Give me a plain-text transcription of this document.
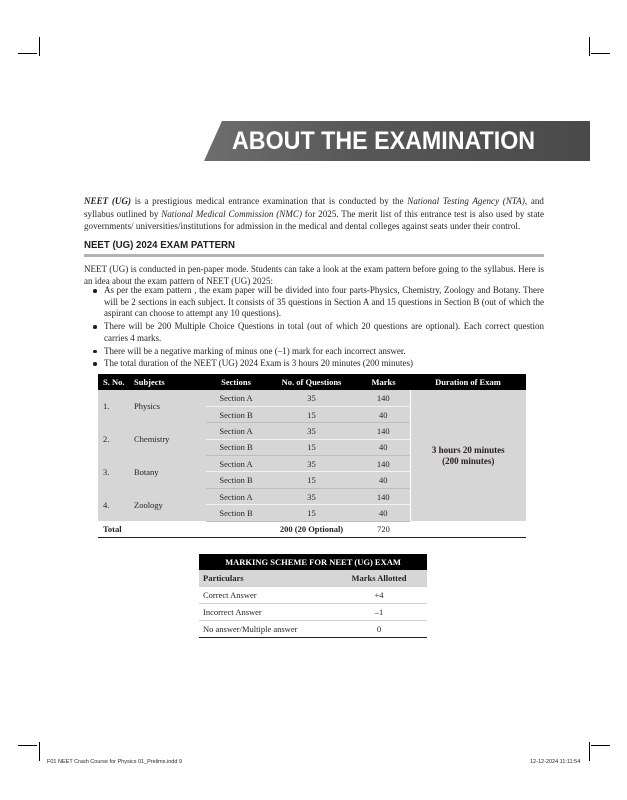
ABOUT THE EXAMINATION

NEET (UG) is a prestigious medical entrance examination that is conducted by the National Testing Agency (NTA), and syllabus outlined by National Medical Commission (NMC) for 2025. The merit list of this entrance test is also used by state governments/ universities/institutions for admission in the medical and dental colleges against seats under their control.

NEET (UG) 2024 EXAM PATTERN

NEET (UG) is conducted in pen-paper mode. Students can take a look at the exam pattern before going to the syllabus. Here is an idea about the exam pattern of NEET (UG) 2025:

As per the exam pattern , the exam paper will be divided into four parts-Physics, Chemistry, Zoology and Botany. There will be 2 sections in each subject. It consists of 35 questions in Section A and 15 questions in Section B (out of which the aspirant can choose to attempt any 10 questions).
There will be 200 Multiple Choice Questions in total (out of which 20 questions are optional). Each correct question carries 4 marks.
There will be a negative marking of minus one (–1) mark for each incorrect answer.
The total duration of the NEET (UG) 2024 Exam is 3 hours 20 minutes (200 minutes)
S. No.	Subjects	Sections	No. of Questions	Marks	Duration of Exam
1.	Physics	Section A	35	140	3 hours 20 minutes
(200 minutes)
		Section B	15	40	
2.	Chemistry	Section A	35	140	
		Section B	15	40	
3.	Botany	Section A	35	140	
		Section B	15	40	
4.	Zoology	Section A	35	140	
		Section B	15	40	
Total			200 (20 Optional)	720	
MARKING SCHEME FOR NEET (UG) EXAM	
Particulars	Marks Allotted
Correct Answer	+4
Incorrect Answer	–1
No answer/Multiple answer	0
F01 NEET Crash Course for Physics 01_Prelims.indd 9	12-12-2024 11:11:54
